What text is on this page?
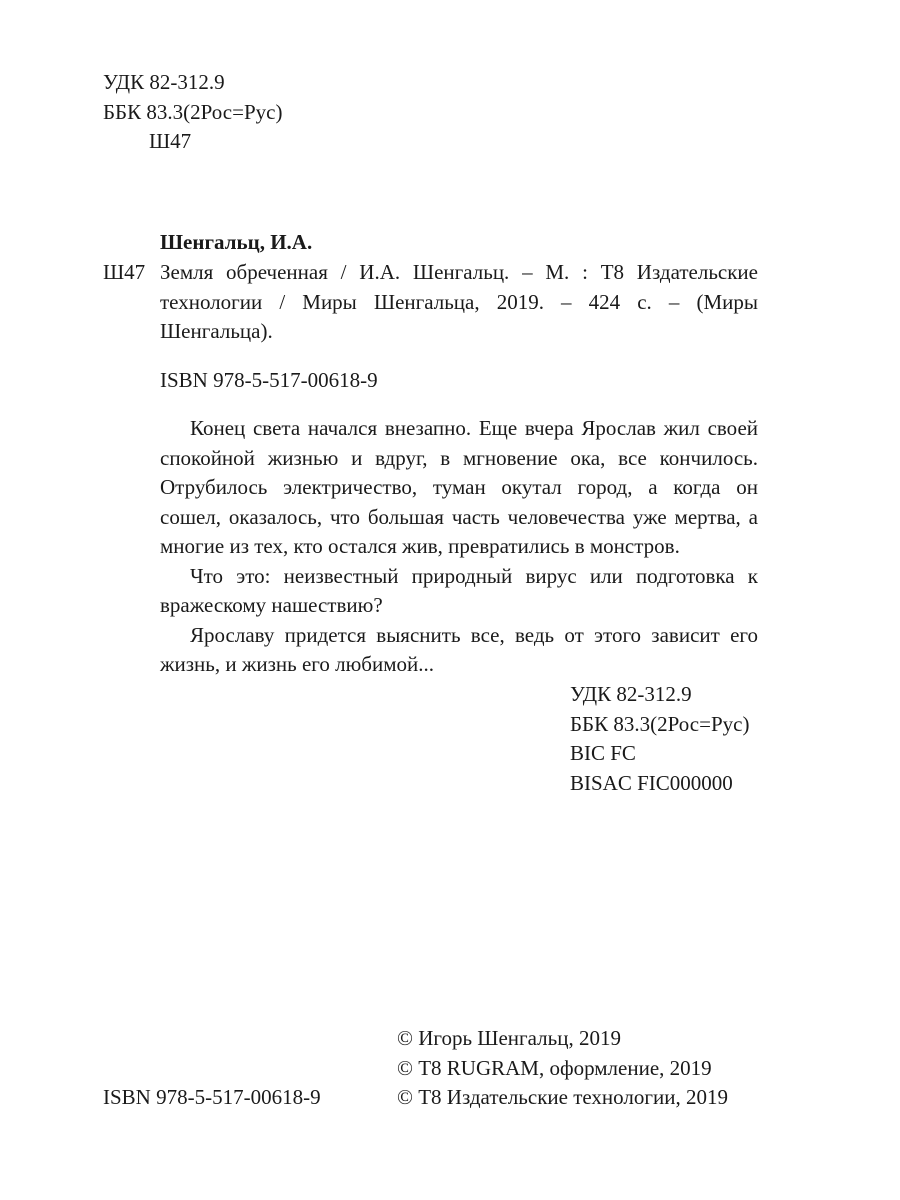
УДК 82-312.9
ББК 83.3(2Рос=Рус)
Ш47
Шенгальц, И.А.
Ш47 Земля обреченная / И.А. Шенгальц. – М. : Т8 Издательские
технологии / Миры Шенгальца, 2019. – 424 с. – (Миры
Шенгальца).
ISBN 978-5-517-00618-9
Конец света начался внезапно. Еще вчера Ярослав жил своей
спокойной жизнью и вдруг, в мгновение ока, все кончилось.
Отрубилось электричество, туман окутал город, а когда он
сошел, оказалось, что большая часть человечества уже мертва, а
многие из тех, кто остался жив, превратились в монстров.
Что это: неизвестный природный вирус или подготовка к
вражескому нашествию?
Ярославу придется выяснить все, ведь от этого зависит его
жизнь, и жизнь его любимой...
УДК 82-312.9
ББК 83.3(2Рос=Рус)
BIC FC
BISAC FIC000000
© Игорь Шенгальц, 2019
© Т8 RUGRAM, оформление, 2019
© Т8 Издательские технологии, 2019
ISBN 978-5-517-00618-9
